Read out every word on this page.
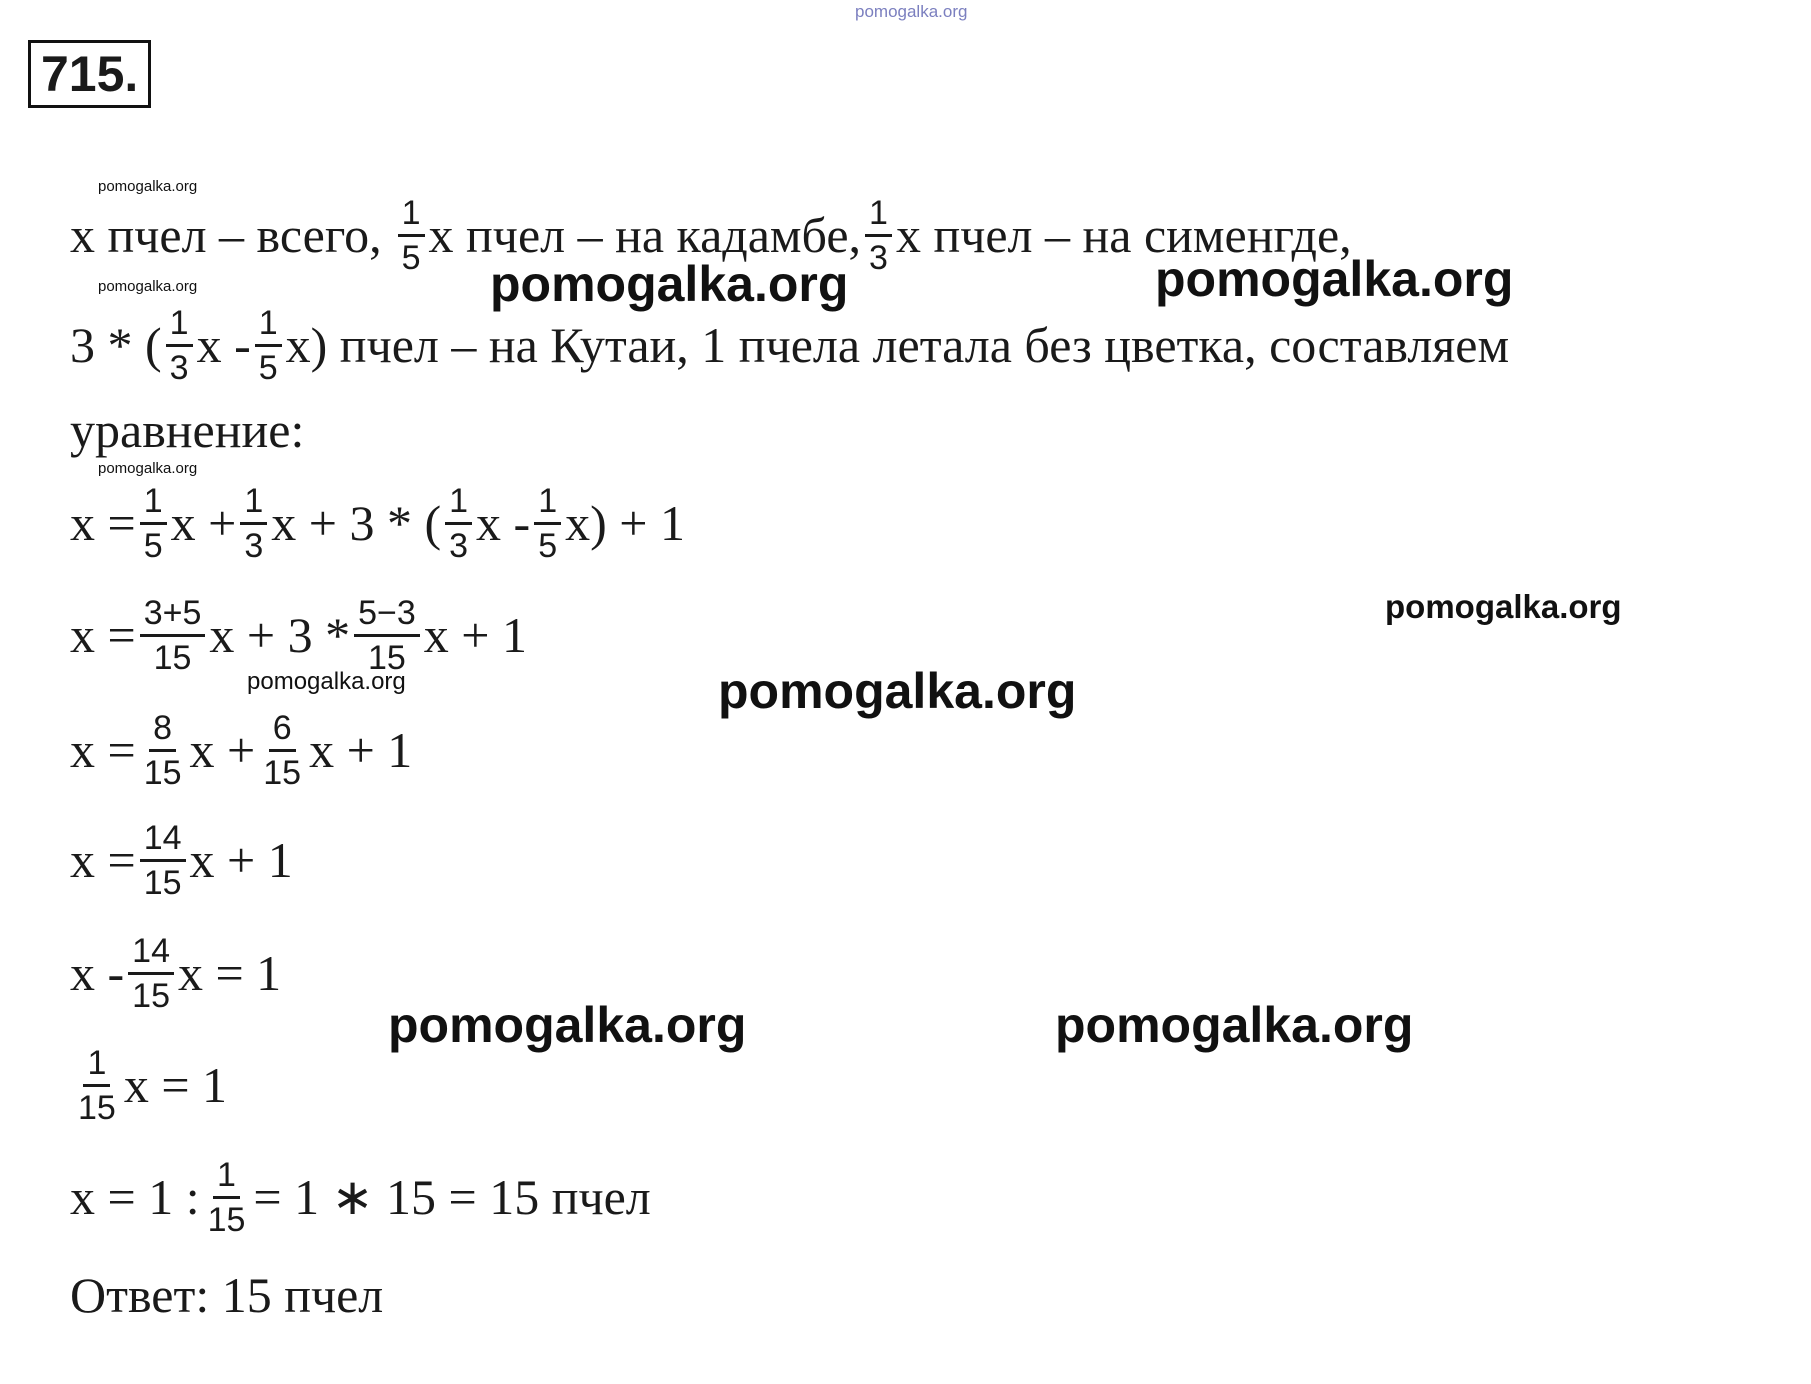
pomogalka.org
715.
pomogalka.org
pomogalka.org
pomogalka.org
pomogalka.org	pomogalka.org
pomogalka.org
pomogalka.org	pomogalka.org
pomogalka.org	pomogalka.org
x пчел – всего, $\frac{1}{5}$ x пчел – на кадамбе, $\frac{1}{3}$ x пчел – на сименгде,
3 * ( $\frac{1}{3}$ x - $\frac{1}{5} x$) пчел – на Кутаи, 1 пчела летала без цветка, составляем
уравнение:
$x = \frac{1}{5}$ $x + \frac{1}{3}$ x + 3 * ( $\frac{1}{3}$ $x - \frac{1}{5} x) + 1$
$x = \frac{3+5}{15}$ $x + 3 * \frac{5-3}{15}$ x + 1
$x = \frac{8}{15}$ $x + \frac{6}{15}$ x + 1
$x = \frac{14}{15}$ x + 1
x - $\frac{14}{15}$ x = 1
$\frac{1}{15}$ x = 1
x = 1 : $\frac{1}{15} = 1$ ∗ 15 = 15 пчел
Ответ: 15 пчел
